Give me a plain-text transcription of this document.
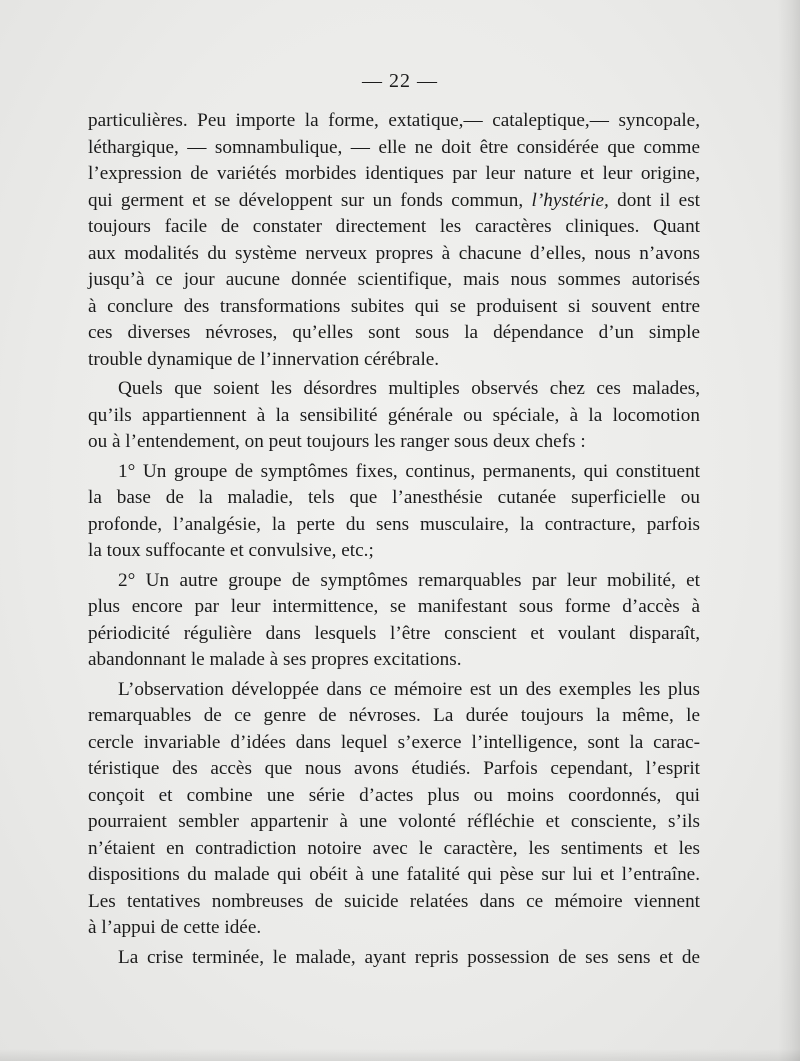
— 22 —
particulières. Peu importe la forme, extatique,— cataleptique,— syncopale,
léthargique, — somnambulique, — elle ne doit être considérée que comme
l’expression de variétés morbides identiques par leur nature et leur origine,
qui germent et se développent sur un fonds commun, l’hystérie, dont il est
toujours facile de constater directement les caractères cliniques. Quant
aux modalités du système nerveux propres à chacune d’elles, nous n’avons
jusqu’à ce jour aucune donnée scientifique, mais nous sommes autorisés
à conclure des transformations subites qui se produisent si souvent entre
ces diverses névroses, qu’elles sont sous la dépendance d’un simple
trouble dynamique de l’innervation cérébrale.
Quels que soient les désordres multiples observés chez ces malades,
qu’ils appartiennent à la sensibilité générale ou spéciale, à la locomotion
ou à l’entendement, on peut toujours les ranger sous deux chefs :
1° Un groupe de symptômes fixes, continus, permanents, qui constituent
la base de la maladie, tels que l’anesthésie cutanée superficielle ou
profonde, l’analgésie, la perte du sens musculaire, la contracture, parfois
la toux suffocante et convulsive, etc.;
2° Un autre groupe de symptômes remarquables par leur mobilité, et
plus encore par leur intermittence, se manifestant sous forme d’accès à
périodicité régulière dans lesquels l’être conscient et voulant disparaît,
abandonnant le malade à ses propres excitations.
L’observation développée dans ce mémoire est un des exemples les plus
remarquables de ce genre de névroses. La durée toujours la même, le
cercle invariable d’idées dans lequel s’exerce l’intelligence, sont la carac-
téristique des accès que nous avons étudiés. Parfois cependant, l’esprit
conçoit et combine une série d’actes plus ou moins coordonnés, qui
pourraient sembler appartenir à une volonté réfléchie et consciente, s’ils
n’étaient en contradiction notoire avec le caractère, les sentiments et les
dispositions du malade qui obéit à une fatalité qui pèse sur lui et l’entraîne.
Les tentatives nombreuses de suicide relatées dans ce mémoire viennent
à l’appui de cette idée.
La crise terminée, le malade, ayant repris possession de ses sens et de
